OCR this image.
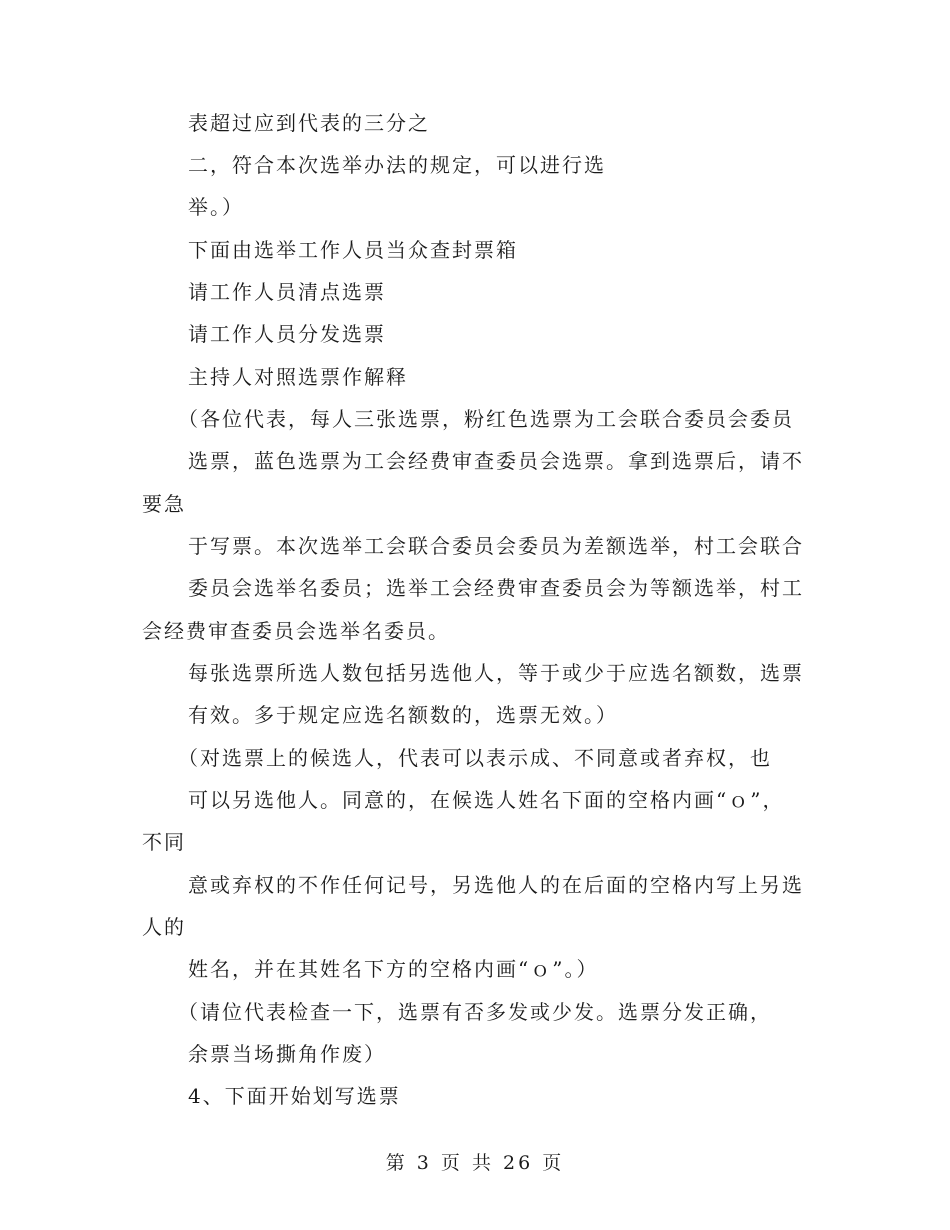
表超过应到代表的三分之
二，符合本次选举办法的规定，可以进行选
举。）
下面由选举工作人员当众查封票箱
请工作人员清点选票
请工作人员分发选票
主持人对照选票作解释
（各位代表，每人三张选票，粉红色选票为工会联合委员会委员
选票，蓝色选票为工会经费审查委员会选票。拿到选票后，请不
要急
于写票。本次选举工会联合委员会委员为差额选举，村工会联合
委员会选举名委员；选举工会经费审查委员会为等额选举，村工
会经费审查委员会选举名委员。
每张选票所选人数包括另选他人，等于或少于应选名额数，选票
有效。多于规定应选名额数的，选票无效。）
（对选票上的候选人，代表可以表示成、不同意或者弃权，也
可以另选他人。同意的，在候选人姓名下面的空格内画“ｏ”，
不同
意或弃权的不作任何记号，另选他人的在后面的空格内写上另选
人的
姓名，并在其姓名下方的空格内画“ｏ”。）
（请位代表检查一下，选票有否多发或少发。选票分发正确，
余票当场撕角作废）
4、下面开始划写选票
第 3 页 共 26 页
